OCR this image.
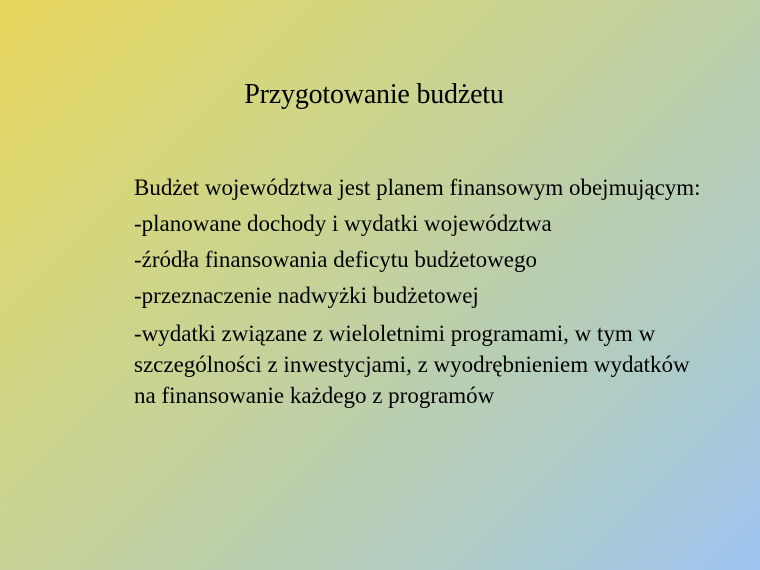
Przygotowanie budżetu

Budżet województwa jest planem finansowym obejmującym:

-planowane dochody i wydatki województwa

-źródła finansowania deficytu budżetowego

-przeznaczenie nadwyżki budżetowej

-wydatki związane z wieloletnimi programami, w tym w szczególności z inwestycjami, z wyodrębnieniem wydatków na finansowanie każdego z programów
